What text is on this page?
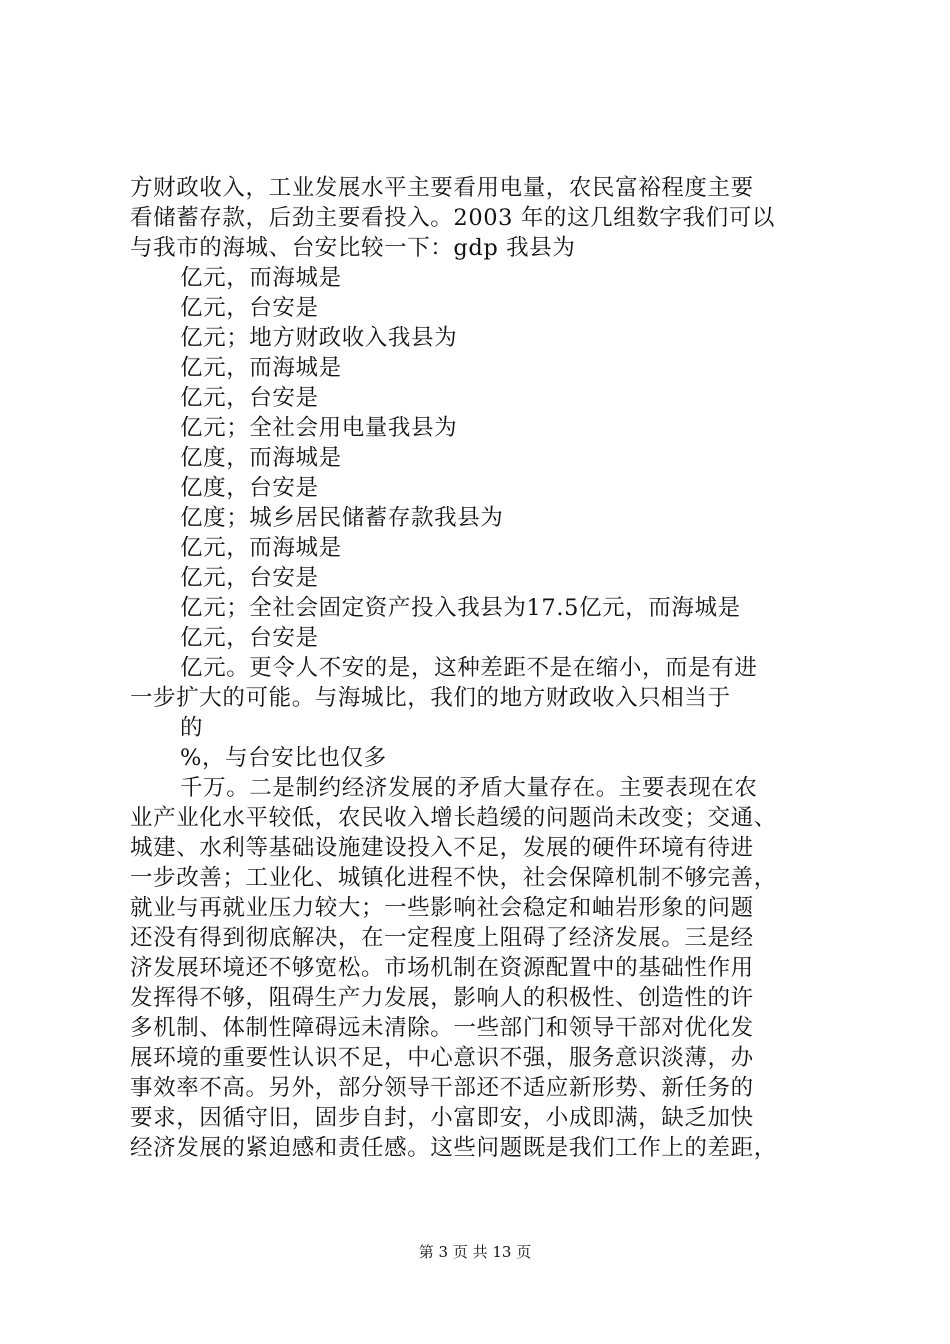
方财政收入，工业发展水平主要看用电量，农民富裕程度主要
看储蓄存款，后劲主要看投入。2003 年的这几组数字我们可以
与我市的海城、台安比较一下：gdp 我县为
亿元，而海城是
亿元，台安是
亿元；地方财政收入我县为
亿元，而海城是
亿元，台安是
亿元；全社会用电量我县为
亿度，而海城是
亿度，台安是
亿度；城乡居民储蓄存款我县为
亿元，而海城是
亿元，台安是
亿元；全社会固定资产投入我县为17.5亿元，而海城是
亿元，台安是
亿元。更令人不安的是，这种差距不是在缩小，而是有进
一步扩大的可能。与海城比，我们的地方财政收入只相当于
的
%，与台安比也仅多
千万。二是制约经济发展的矛盾大量存在。主要表现在农
业产业化水平较低，农民收入增长趋缓的问题尚未改变；交通、
城建、水利等基础设施建设投入不足，发展的硬件环境有待进
一步改善；工业化、城镇化进程不快，社会保障机制不够完善，
就业与再就业压力较大；一些影响社会稳定和岫岩形象的问题
还没有得到彻底解决，在一定程度上阻碍了经济发展。三是经
济发展环境还不够宽松。市场机制在资源配置中的基础性作用
发挥得不够，阻碍生产力发展，影响人的积极性、创造性的许
多机制、体制性障碍远未清除。一些部门和领导干部对优化发
展环境的重要性认识不足，中心意识不强，服务意识淡薄，办
事效率不高。另外，部分领导干部还不适应新形势、新任务的
要求，因循守旧，固步自封，小富即安，小成即满，缺乏加快
经济发展的紧迫感和责任感。这些问题既是我们工作上的差距，
第 3 页 共 13 页
